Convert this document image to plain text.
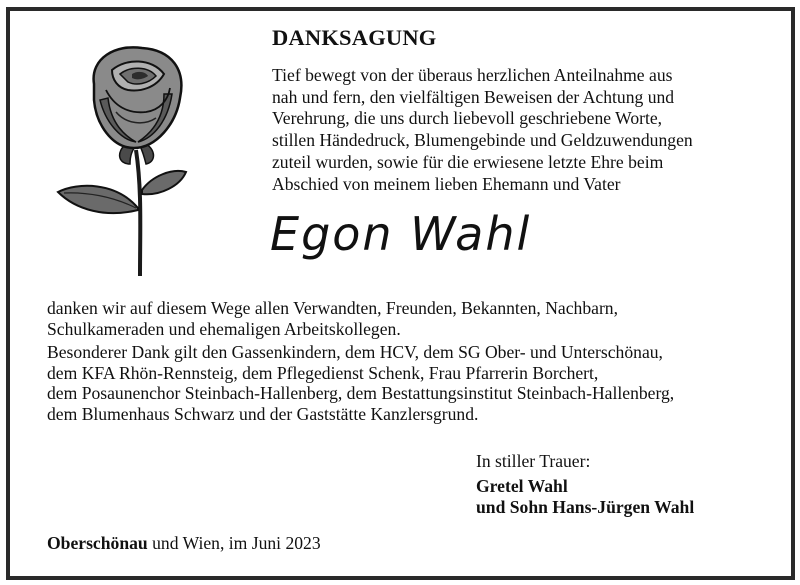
DANKSAGUNG
Tief bewegt von der überaus herzlichen Anteilnahme aus
nah und fern, den vielfältigen Beweisen der Achtung und
Verehrung, die uns durch liebevoll geschriebene Worte,
stillen Händedruck, Blumengebinde und Geldzuwendungen
zuteil wurden, sowie für die erwiesene letzte Ehre beim
Abschied von meinem lieben Ehemann und Vater
Egon Wahl
danken wir auf diesem Wege allen Verwandten, Freunden, Bekannten, Nachbarn,
Schulkameraden und ehemaligen Arbeitskollegen.
Besonderer Dank gilt den Gassenkindern, dem HCV, dem SG Ober- und Unterschönau,
dem KFA Rhön-Rennsteig, dem Pflegedienst Schenk, Frau Pfarrerin Borchert,
dem Posaunenchor Steinbach-Hallenberg, dem Bestattungsinstitut Steinbach-Hallenberg,
dem Blumenhaus Schwarz und der Gaststätte Kanzlersgrund.
In stiller Trauer:
Gretel Wahl
und Sohn Hans-Jürgen Wahl
Oberschönau und Wien, im Juni 2023
